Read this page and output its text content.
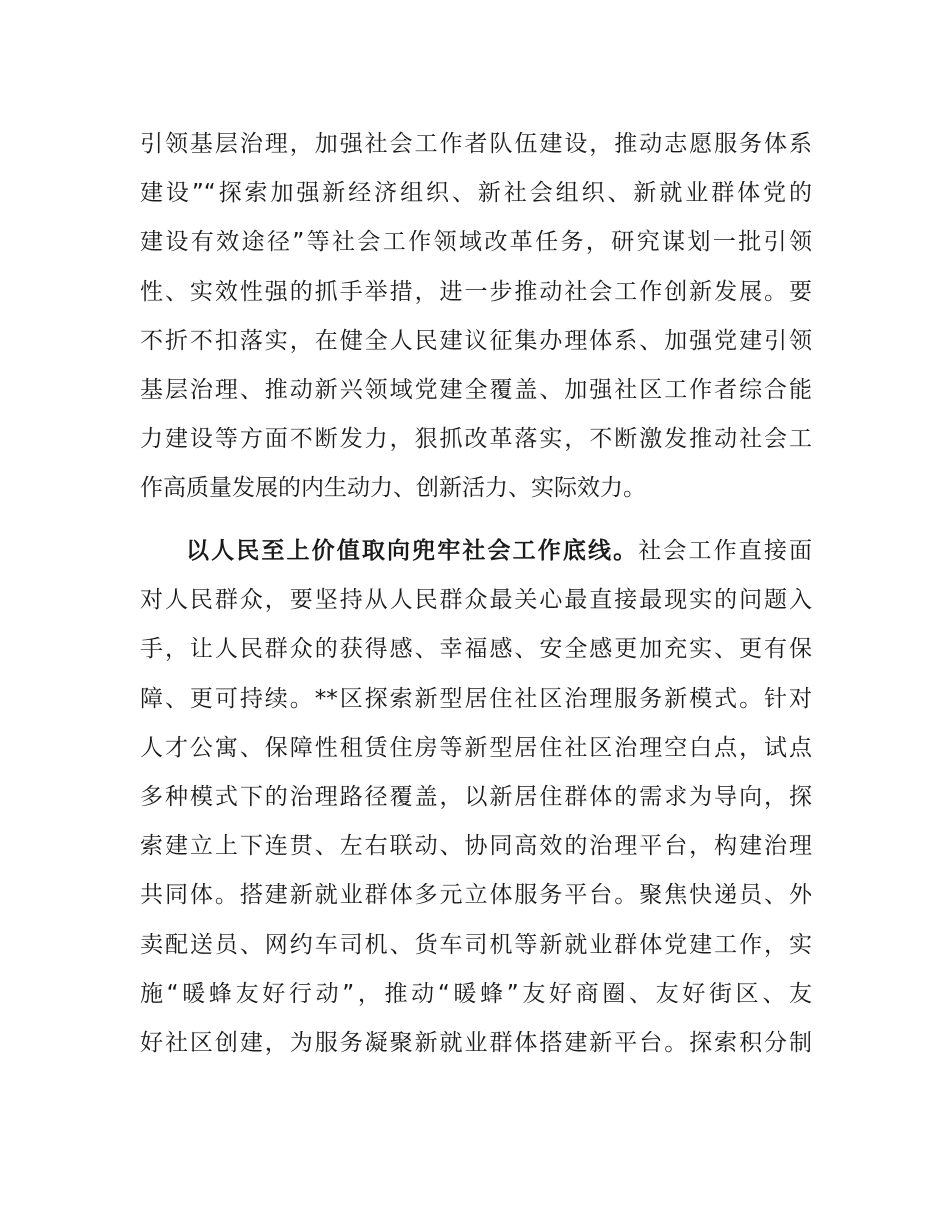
引领基层治理，加强社会工作者队伍建设，推动志愿服务体系
建设”“探索加强新经济组织、新社会组织、新就业群体党的
建设有效途径”等社会工作领域改革任务，研究谋划一批引领
性、实效性强的抓手举措，进一步推动社会工作创新发展。要
不折不扣落实，在健全人民建议征集办理体系、加强党建引领
基层治理、推动新兴领域党建全覆盖、加强社区工作者综合能
力建设等方面不断发力，狠抓改革落实，不断激发推动社会工
作高质量发展的内生动力、创新活力、实际效力。
以人民至上价值取向兜牢社会工作底线。社会工作直接面
对人民群众，要坚持从人民群众最关心最直接最现实的问题入
手，让人民群众的获得感、幸福感、安全感更加充实、更有保
障、更可持续。**区探索新型居住社区治理服务新模式。针对
人才公寓、保障性租赁住房等新型居住社区治理空白点，试点
多种模式下的治理路径覆盖，以新居住群体的需求为导向，探
索建立上下连贯、左右联动、协同高效的治理平台，构建治理
共同体。搭建新就业群体多元立体服务平台。聚焦快递员、外
卖配送员、网约车司机、货车司机等新就业群体党建工作，实
施“暖蜂友好行动”，推动“暖蜂”友好商圈、友好街区、友
好社区创建，为服务凝聚新就业群体搭建新平台。探索积分制
